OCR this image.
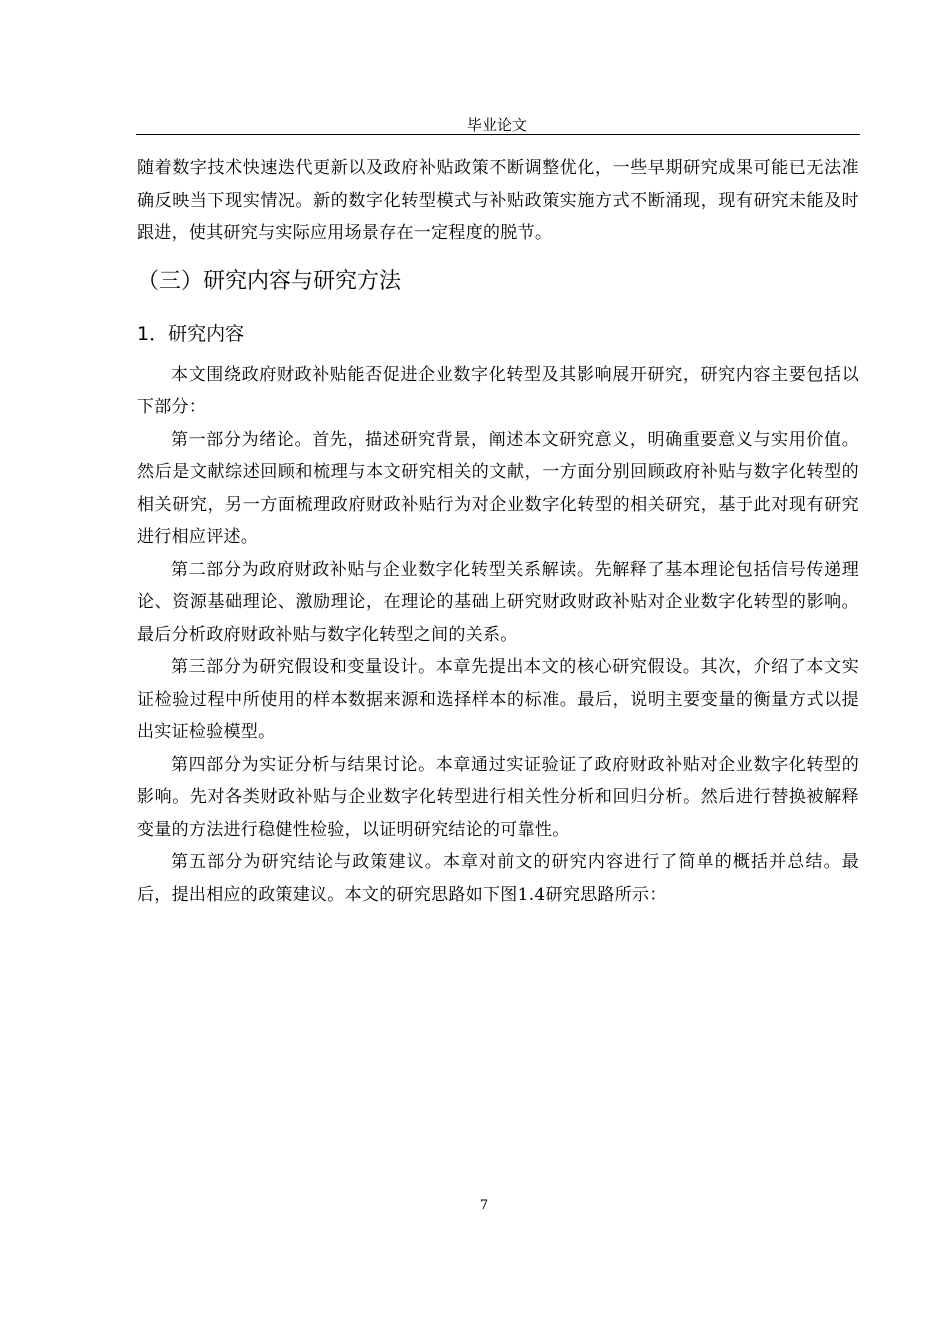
毕业论文

随着数字技术快速迭代更新以及政府补贴政策不断调整优化，一些早期研究成果可能已无法准确反映当下现实情况。新的数字化转型模式与补贴政策实施方式不断涌现，现有研究未能及时跟进，使其研究与实际应用场景存在一定程度的脱节。

（三）研究内容与研究方法
1．研究内容

本文围绕政府财政补贴能否促进企业数字化转型及其影响展开研究，研究内容主要包括以下部分：

第一部分为绪论。首先，描述研究背景，阐述本文研究意义，明确重要意义与实用价值。然后是文献综述回顾和梳理与本文研究相关的文献，一方面分别回顾政府补贴与数字化转型的相关研究，另一方面梳理政府财政补贴行为对企业数字化转型的相关研究，基于此对现有研究进行相应评述。

第二部分为政府财政补贴与企业数字化转型关系解读。先解释了基本理论包括信号传递理论、资源基础理论、激励理论，在理论的基础上研究财政财政补贴对企业数字化转型的影响。最后分析政府财政补贴与数字化转型之间的关系。

第三部分为研究假设和变量设计。本章先提出本文的核心研究假设。其次，介绍了本文实证检验过程中所使用的样本数据来源和选择样本的标准。最后，说明主要变量的衡量方式以提出实证检验模型。

第四部分为实证分析与结果讨论。本章通过实证验证了政府财政补贴对企业数字化转型的影响。先对各类财政补贴与企业数字化转型进行相关性分析和回归分析。然后进行替换被解释变量的方法进行稳健性检验，以证明研究结论的可靠性。

第五部分为研究结论与政策建议。本章对前文的研究内容进行了简单的概括并总结。最后，提出相应的政策建议。本文的研究思路如下图1.4研究思路所示：

7
